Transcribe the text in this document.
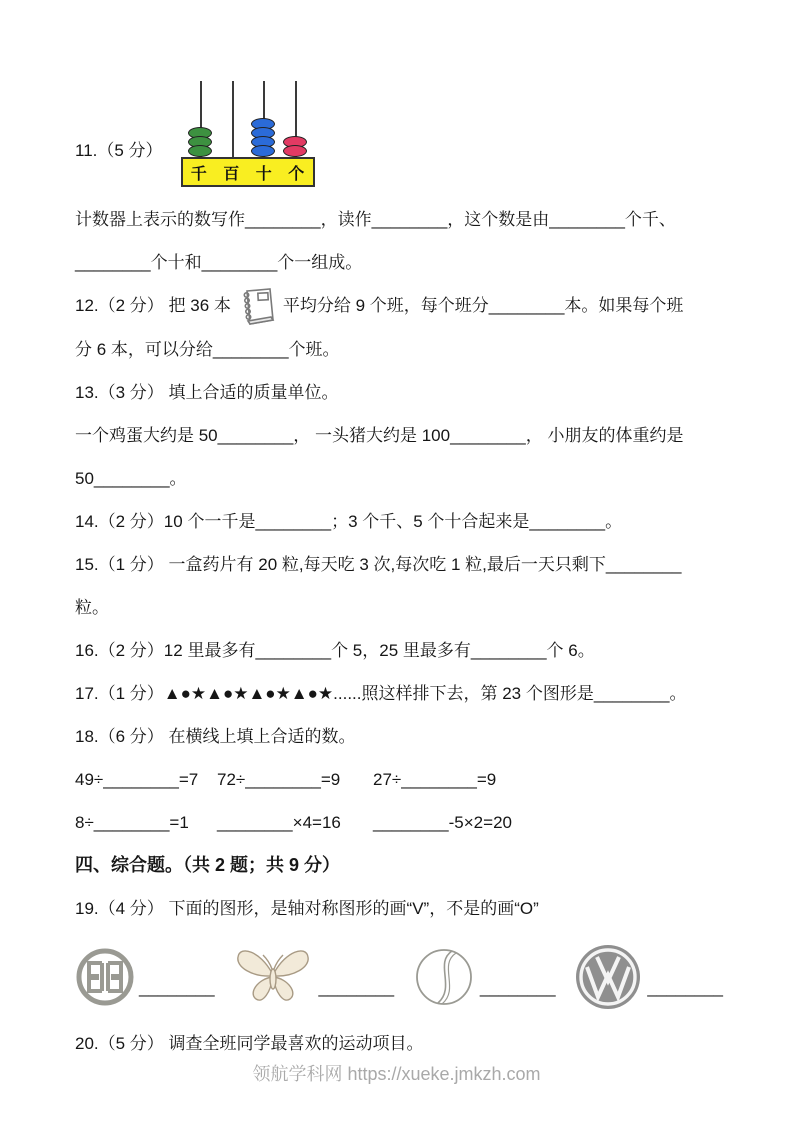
11.（5 分）
千 百 十 个

计数器上表示的数写作________，读作________，这个数是由________个千、

________个十和________个一组成。

12.（2 分） 把 36 本	平均分给 9 个班，每个班分________本。如果每个班

分 6 本，可以分给________个班。

13.（3 分） 填上合适的质量单位。

一个鸡蛋大约是 50________， 一头猪大约是 100________， 小朋友的体重约是

50________。

14.（2 分）10 个一千是________；3 个千、5 个十合起来是________。

15.（1 分） 一盒药片有 20 粒,每天吃 3 次,每次吃 1 粒,最后一天只剩下________

粒。

16.（2 分）12 里最多有________个 5，25 里最多有________个 6。

17.（1 分）▲●★▲●★▲●★▲●★......照这样排下去，第 23 个图形是________。

18.（6 分） 在横线上填上合适的数。

49÷________=7	72÷________=9	27÷________=9
8÷________=1	________×4=16	________-5×2=20

四、综合题。（共 2 题；共 9 分）

19.（4 分） 下面的图形，是轴对称图形的画“V”，不是的画“O”

________	________	________	________

20.（5 分） 调查全班同学最喜欢的运动项目。

领航学科网 https://xueke.jmkzh.com
